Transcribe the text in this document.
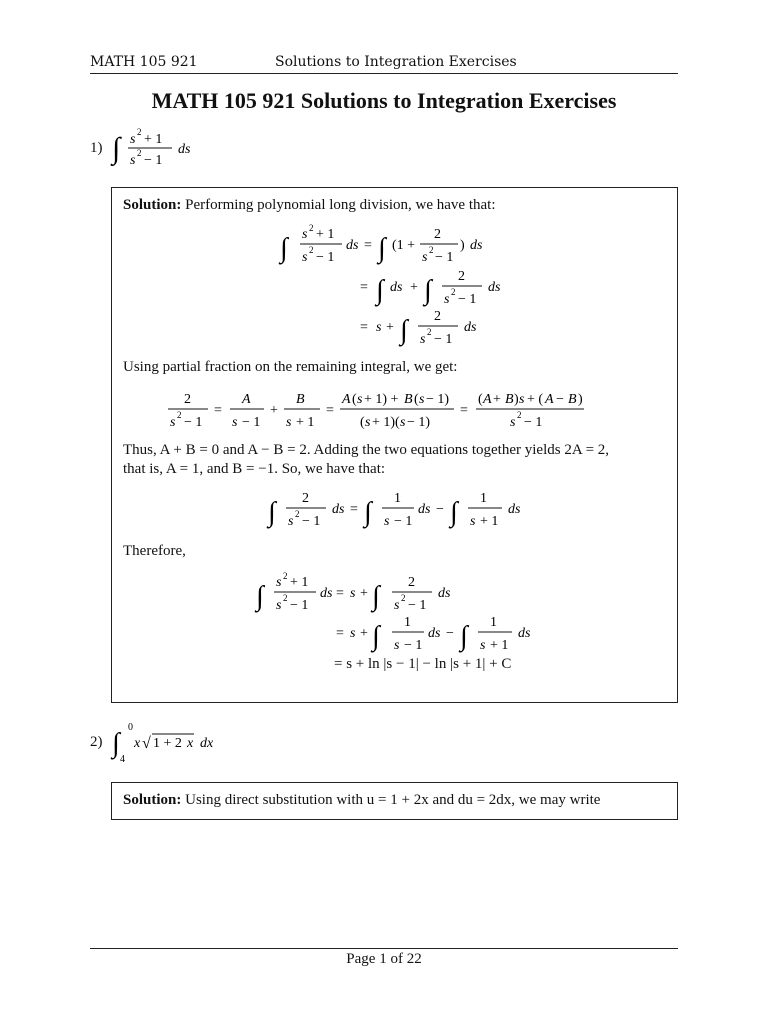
MATH 105 921	Solutions to Integration Exercises
MATH 105 921 Solutions to Integration Exercises
1) ∫ s 2 + 1
s 2 − 1
ds
Solution: Performing polynomial long division, we have that:
∫ s 2 + 1
s 2 − 1
ds = ∫ (1 +
2
s 2 − 1
) ds
= ∫ ds + ∫ 2
s 2 − 1
ds
= s + ∫ 2
s 2 − 1
ds
Using partial fraction on the remaining integral, we get:
2
s 2 − 1
=
A
s − 1
+
B
s + 1
=
A ( s + 1) + B ( s − 1)
( s + 1)( s − 1)
=
( A + B ) s + ( A − B )
s 2 − 1
Thus, A + B = 0 and A − B = 2. Adding the two equations together yields 2A = 2,
that is, A = 1, and B = −1. So, we have that:
∫ 2
s 2 − 1
ds = ∫ 1
s − 1
ds − ∫ 1
s + 1
ds
Therefore,
∫ s 2 + 1
s 2 − 1
ds = s + ∫ 2
s 2 − 1
ds
= s + ∫ 1
s − 1
ds − ∫ 1
s + 1
ds
= s + ln |s − 1| − ln |s + 1| + C
2) ∫
0
4
x √ 1 + 2 x dx
Solution: Using direct substitution with u = 1 + 2x and du = 2dx, we may write
Page 1 of 22
